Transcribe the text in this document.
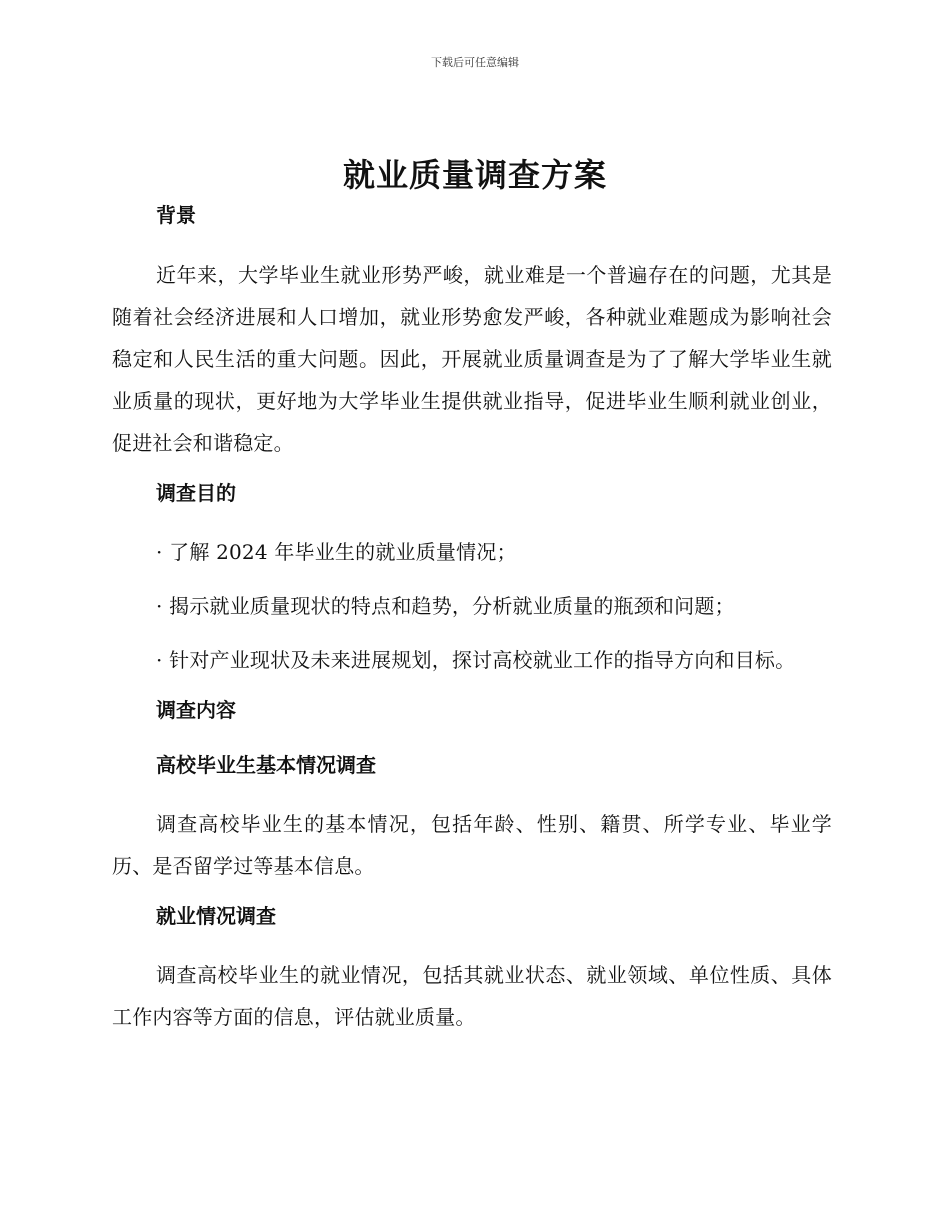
下载后可任意编辑
就业质量调查方案
背景

近年来，大学毕业生就业形势严峻，就业难是一个普遍存在的问题，尤其是随着社会经济进展和人口增加，就业形势愈发严峻，各种就业难题成为影响社会稳定和人民生活的重大问题。因此，开展就业质量调查是为了了解大学毕业生就业质量的现状，更好地为大学毕业生提供就业指导，促进毕业生顺利就业创业，促进社会和谐稳定。

调查目的

· 了解 2024 年毕业生的就业质量情况；

· 揭示就业质量现状的特点和趋势，分析就业质量的瓶颈和问题；

· 针对产业现状及未来进展规划，探讨高校就业工作的指导方向和目标。

调查内容
高校毕业生基本情况调查

调查高校毕业生的基本情况，包括年龄、性别、籍贯、所学专业、毕业学历、是否留学过等基本信息。

就业情况调查

调查高校毕业生的就业情况，包括其就业状态、就业领域、单位性质、具体工作内容等方面的信息，评估就业质量。
